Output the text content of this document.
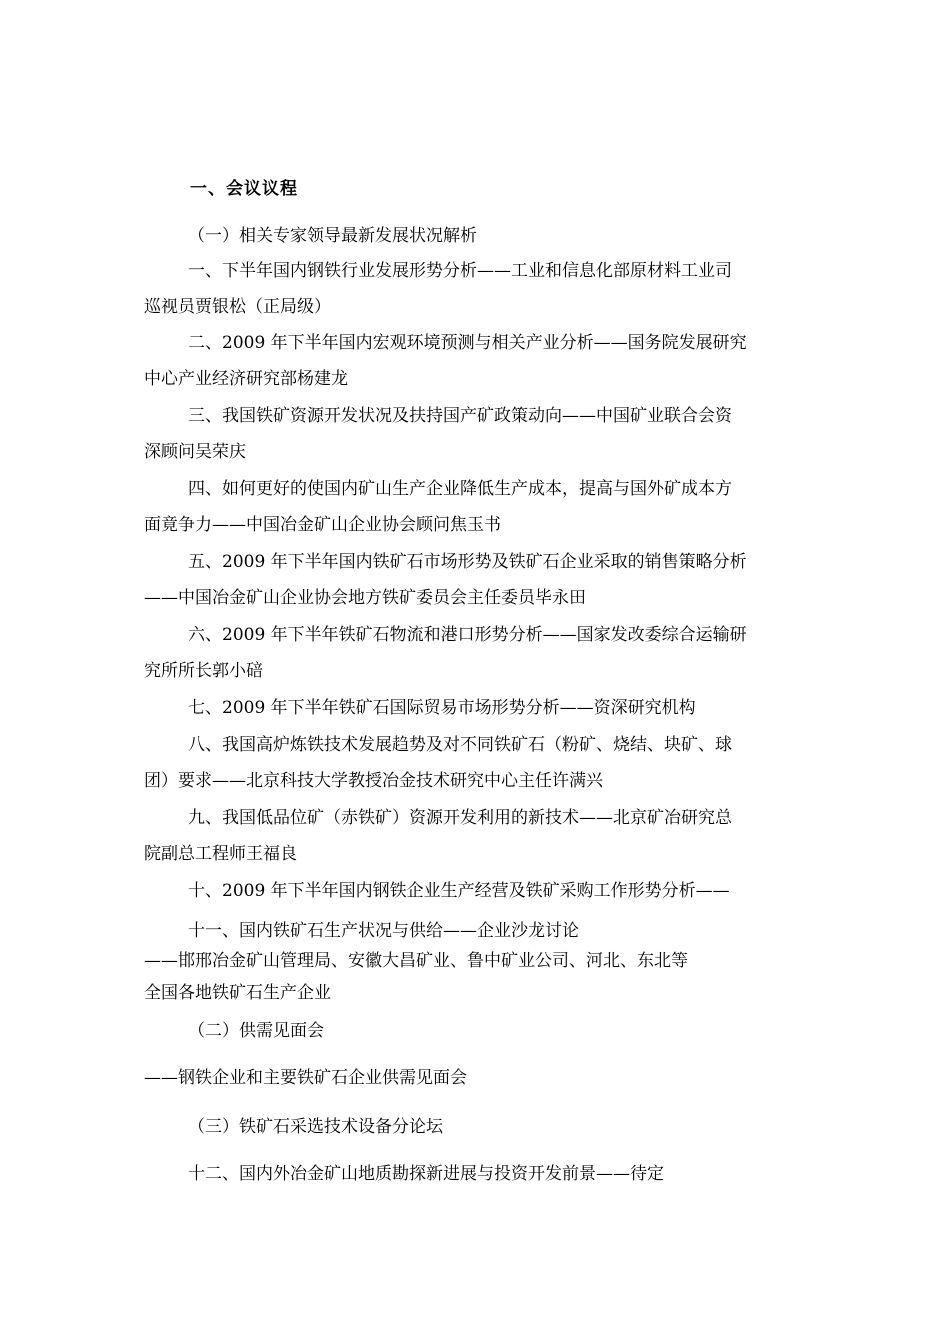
一、会议议程
（一）相关专家领导最新发展状况解析
一、下半年国内钢铁行业发展形势分析——工业和信息化部原材料工业司
巡视员贾银松（正局级）
二、2009 年下半年国内宏观环境预测与相关产业分析——国务院发展研究
中心产业经济研究部杨建龙
三、我国铁矿资源开发状况及扶持国产矿政策动向——中国矿业联合会资
深顾问吴荣庆
四、如何更好的使国内矿山生产企业降低生产成本，提高与国外矿成本方
面竟争力——中国冶金矿山企业协会顾问焦玉书
五、2009 年下半年国内铁矿石市场形势及铁矿石企业采取的销售策略分析
——中国冶金矿山企业协会地方铁矿委员会主任委员毕永田
六、2009 年下半年铁矿石物流和港口形势分析——国家发改委综合运输研
究所所长郭小碚
七、2009 年下半年铁矿石国际贸易市场形势分析——资深研究机构
八、我国高炉炼铁技术发展趋势及对不同铁矿石（粉矿、烧结、块矿、球
团）要求——北京科技大学教授冶金技术研究中心主任许满兴
九、我国低品位矿（赤铁矿）资源开发利用的新技术——北京矿冶研究总
院副总工程师王福良
十、2009 年下半年国内钢铁企业生产经营及铁矿采购工作形势分析——
十一、国内铁矿石生产状况与供给——企业沙龙讨论
——邯邢冶金矿山管理局、安徽大昌矿业、鲁中矿业公司、河北、东北等
全国各地铁矿石生产企业
（二）供需见面会
——钢铁企业和主要铁矿石企业供需见面会
（三）铁矿石采选技术设备分论坛
十二、国内外冶金矿山地质勘探新进展与投资开发前景——待定
